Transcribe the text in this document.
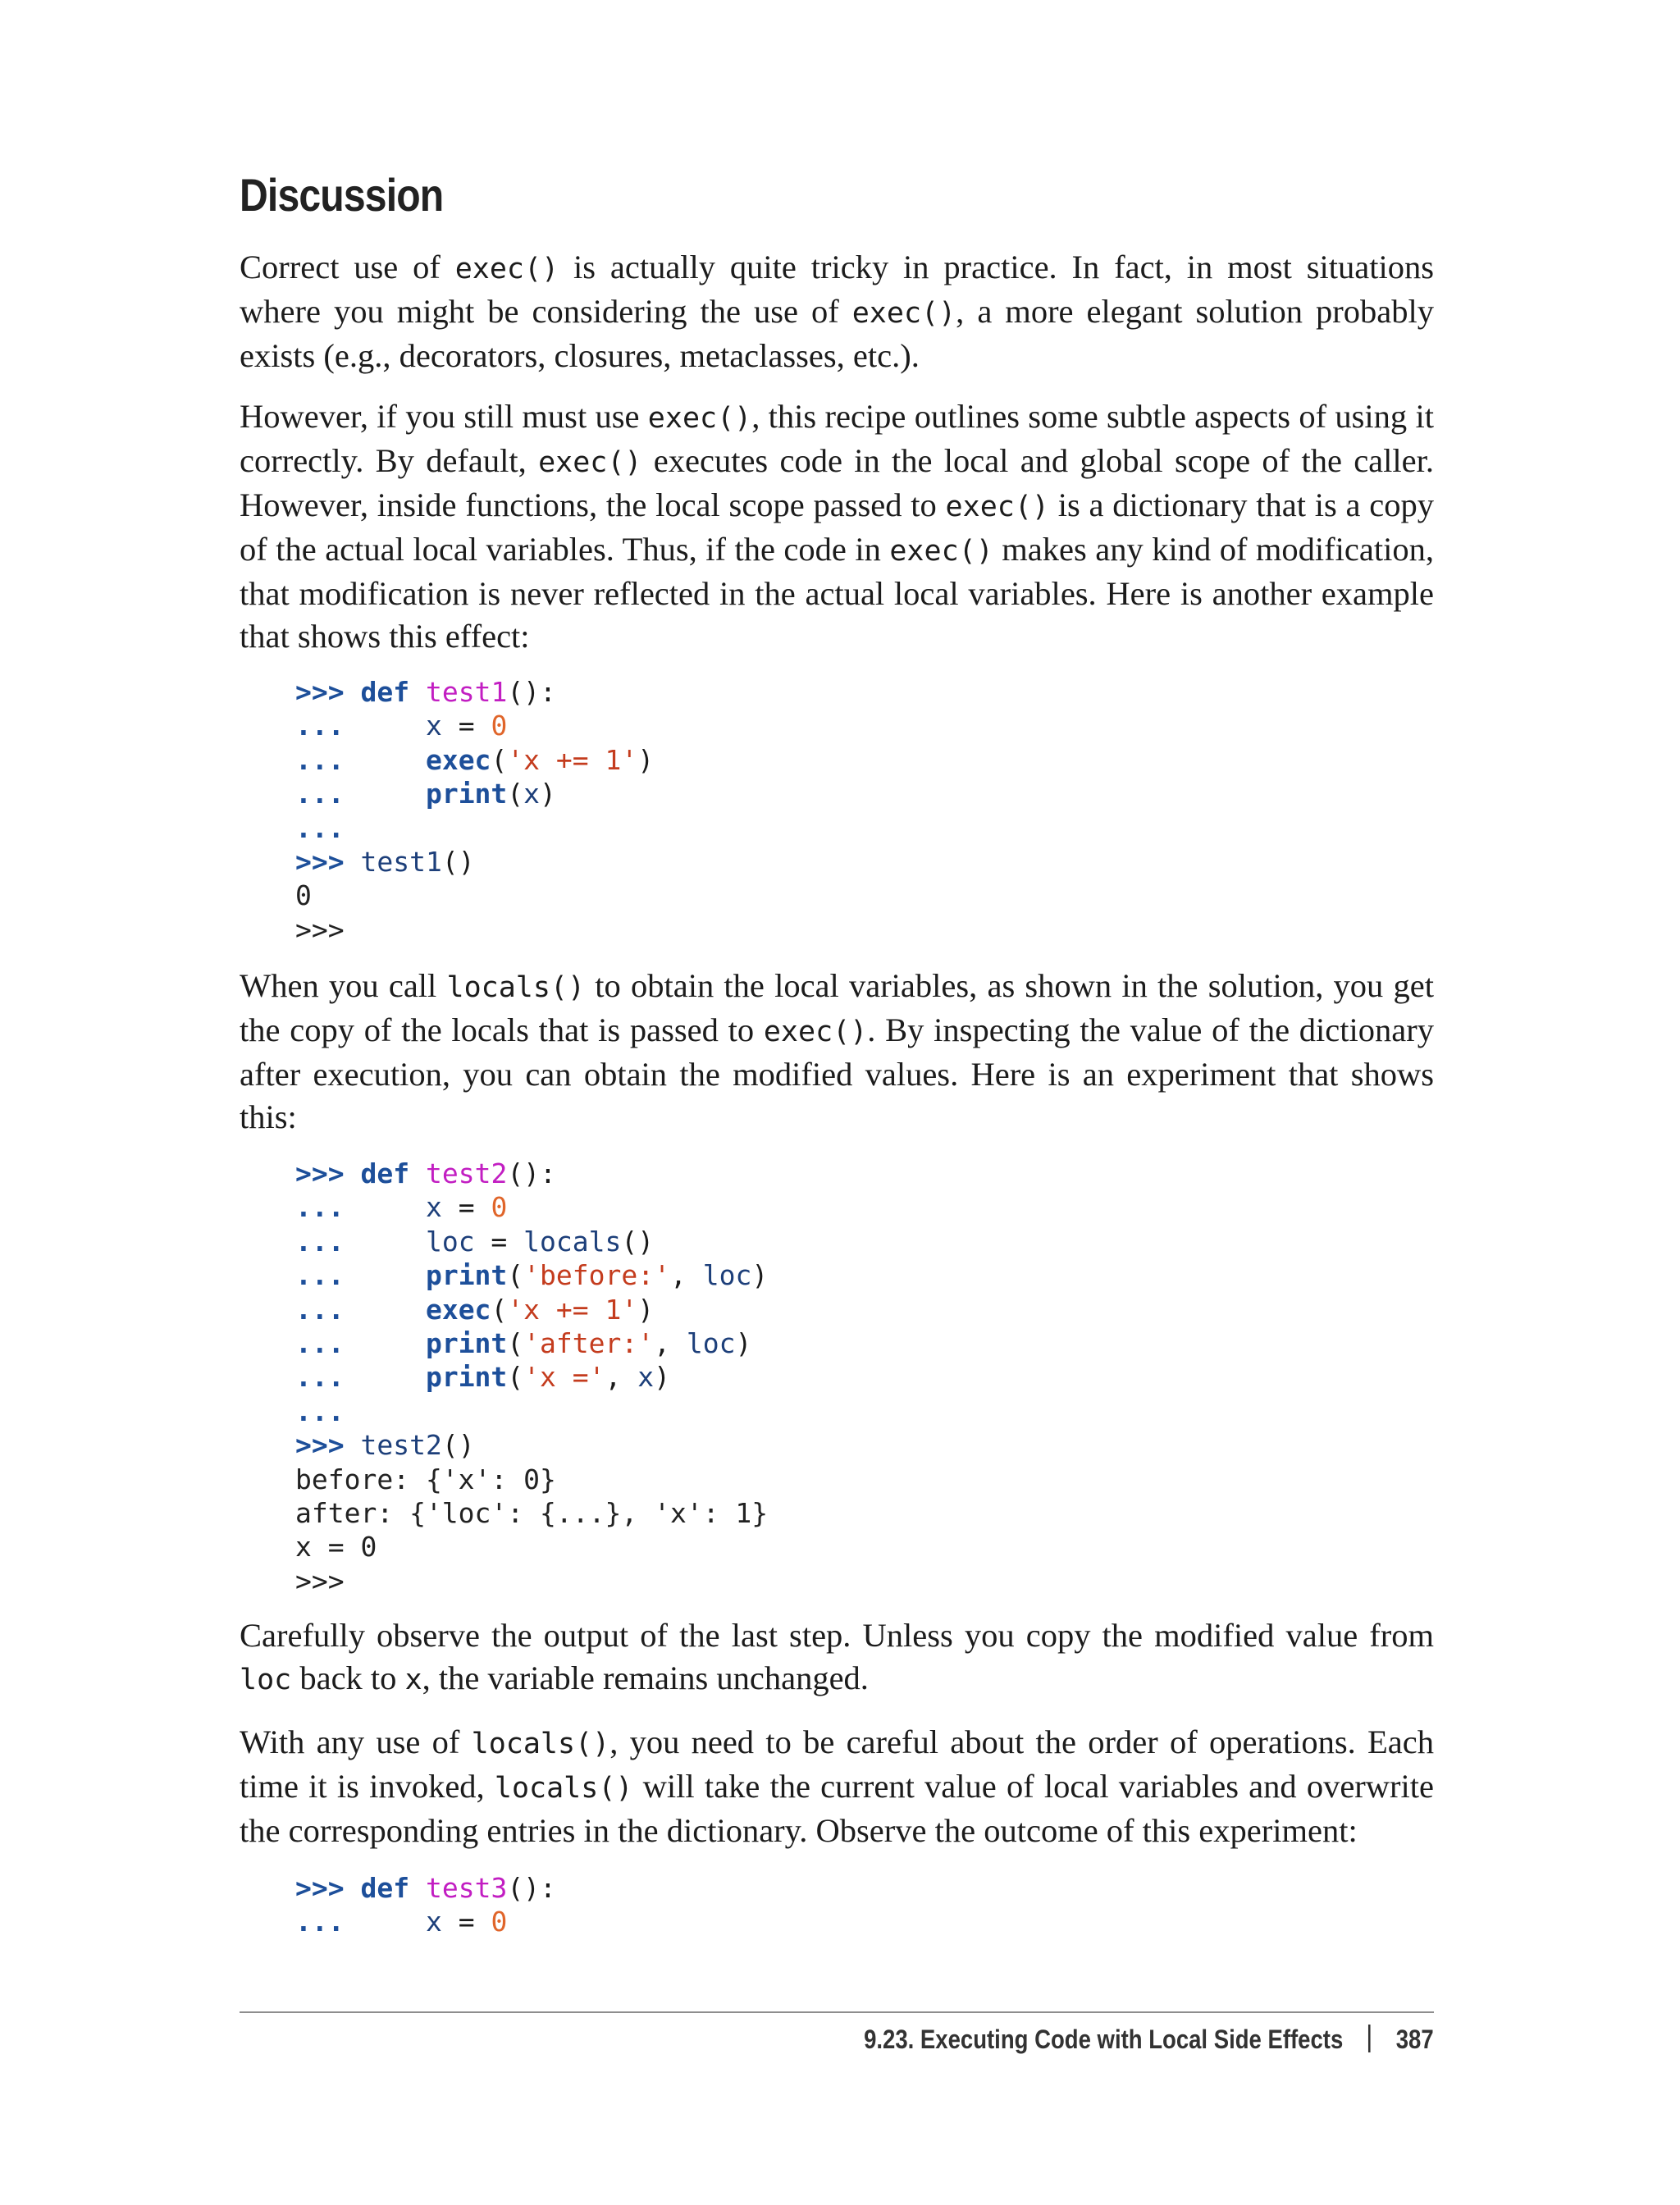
Discussion
Correct use of exec() is actually quite tricky in practice. In fact, in most situations where you might be considering the use of exec(), a more elegant solution probably exists (e.g., decorators, closures, metaclasses, etc.).
However, if you still must use exec(), this recipe outlines some subtle aspects of using it correctly. By default, exec() executes code in the local and global scope of the caller. However, inside functions, the local scope passed to exec() is a dictionary that is a copy of the actual local variables. Thus, if the code in exec() makes any kind of modification, that modification is never reflected in the actual local variables. Here is another example that shows this effect:
>>> def test1():
...	x = 0
...	exec('x += 1')
...	print(x)
...
>>> test1()
0
>>>
When you call locals() to obtain the local variables, as shown in the solution, you get the copy of the locals that is passed to exec(). By inspecting the value of the dictionary after execution, you can obtain the modified values. Here is an experiment that shows this:
>>> def test2():
...	x = 0
...	loc = locals()
...	print('before:', loc)
...	exec('x += 1')
...	print('after:', loc)
...	print('x =', x)
...
>>> test2()
before: {'x': 0}
after: {'loc': {...}, 'x': 1}
x = 0
>>>
Carefully observe the output of the last step. Unless you copy the modified value from loc back to x, the variable remains unchanged.
With any use of locals(), you need to be careful about the order of operations. Each time it is invoked, locals() will take the current value of local variables and overwrite the corresponding entries in the dictionary. Observe the outcome of this experiment:
>>> def test3():
...	x = 0
9.23. Executing Code with Local Side Effects 387
